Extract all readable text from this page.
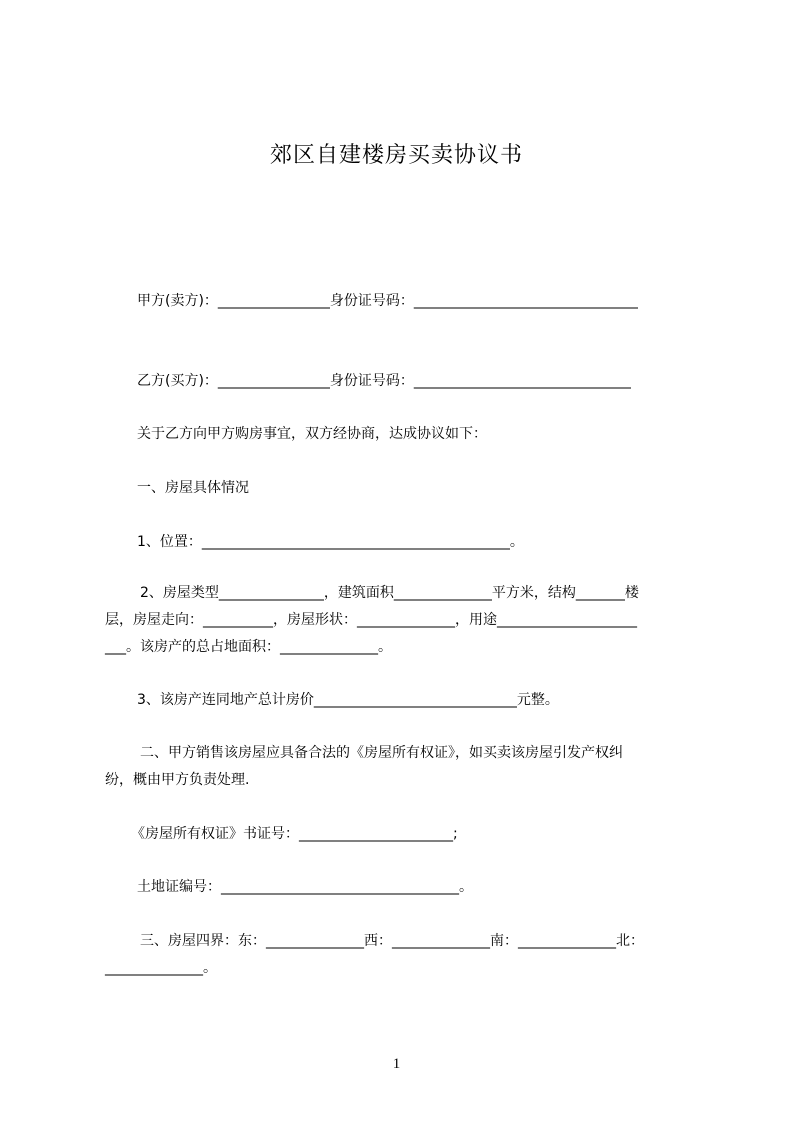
郊区自建楼房买卖协议书
甲方(卖方)：________________身份证号码：________________________________
乙方(买方)：________________身份证号码：_______________________________
关于乙方向甲方购房事宜，双方经协商，达成协议如下：
一、房屋具体情况
1、位置：____________________________________________。
2、房屋类型_______________，建筑面积______________平方米，结构_______楼
层，房屋走向：__________，房屋形状：______________，用途____________________
___。该房产的总占地面积：______________。
3、该房产连同地产总计房价_____________________________元整。
二、甲方销售该房屋应具备合法的《房屋所有权证》，如买卖该房屋引发产权纠
纷，概由甲方负责处理.
《房屋所有权证》书证号：______________________;
土地证编号：__________________________________。
三、房屋四界：东：______________西：______________南：______________北：
______________。
1
